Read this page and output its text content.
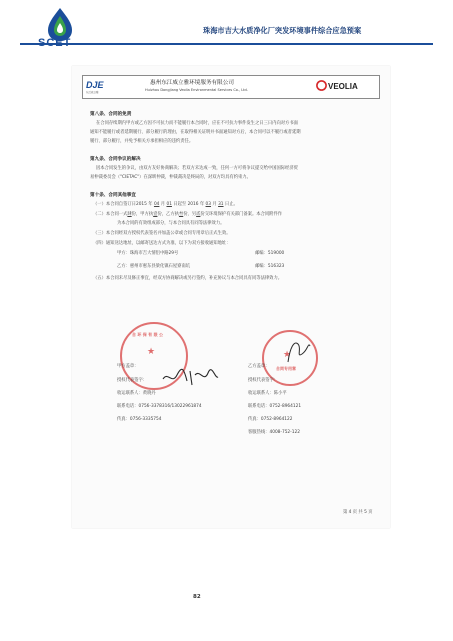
珠海市吉大水质净化厂突发环境事件综合应急预案
DJE
东江威立雅
惠州东江威立雅环境服务有限公司
Huizhou Dongjiang Veolia Environmental Services Co., Ltd.	VEOLIA
第八条、合同的免责
在合同存续期内甲方或乙方因不可抗力而不能履行本合同时，应在不可抗力事件发生之日三日内向对方书面
通知不能履行或者延期履行、部分履行的理由，在取得相关证明并书面通知对方后，本合同可以不履行或者延期
履行、部分履行，并免予相关方承担相应的违约责任。
第九条、合同争议的解决
因本合同发生的争议，由双方友好协商解决；若双方未达成一致，任何一方可将争议提交给中国国际经济贸
易仲裁委员会（"CIETAC"）在深圳仲裁，仲裁裁决是终局的，对双方均具有约束力。
第十条、合同其他事宜
（一）本合同自签订日2015 年 04 月 01 日起至 2016 年 03 月 31 日止。
（二）本合同一式肆份，甲方执壹份，乙方执叁份，另贰份交环境保护有关部门备案。本合同附件作
为本合同的有效组成部分，与本合同具有同等法律效力。
（三）本合同经双方授权代表签名并加盖公章或合同专用章后正式生效。
（四）通知送达地址，以邮寄送达方式为准，以下为双方接收通知地址：
甲方：珠海市吉大情侣中路29号	邮编：519000
乙方：惠州市惠东县梁化镇石屋寮南坑	邮编：516323
（五）本合同未尽及修正事宜，经双方协商解决或另行签约，补充协议与本合同具有同等法律效力。
★
合 环 保 有 限 公
甲方盖章：
授权代表签字：
收运联系人：黄晓丹
联系电话：0756-3378316/13022961874
传真：0756-3335754
★
合同专用章
乙方盖章：
授权代表签字：
收运联系人：陈小平
联系电话：0752-8964121
传真：0752-8964122
客服热线：4008-752-122
第 4 页 共 5 页
82
